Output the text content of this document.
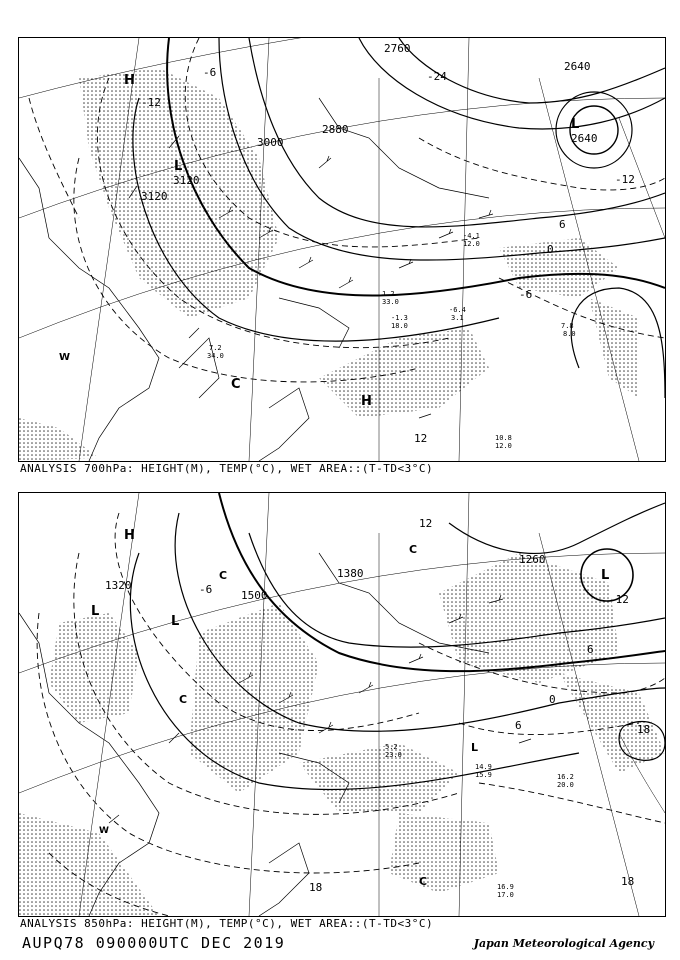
H
L
L
C
H
W
3120
3120
3000
2880
2640
2640
2760
-12
-24
-12
-6
0
-6
6
12	10.8
12.0
7.2
34.0
-1.3
18.0
-6.4
3.1
1.2
33.0
-4.1
12.0
7.8
8.0
ANALYSIS 700hPa: HEIGHT(M), TEMP(°C), WET AREA::(T-TD<3°C)
H
L
L
C
C
C
L
L
C
W
1320
1500
1380
1260
-6
-12
0
6
6
12
18
18
18	16.9
17.0
14.9
15.9	16.2
20.0
5.2
23.0
ANALYSIS 850hPa: HEIGHT(M), TEMP(°C), WET AREA::(T-TD<3°C)
AUPQ78 090000UTC DEC 2019	Japan Meteorological Agency
